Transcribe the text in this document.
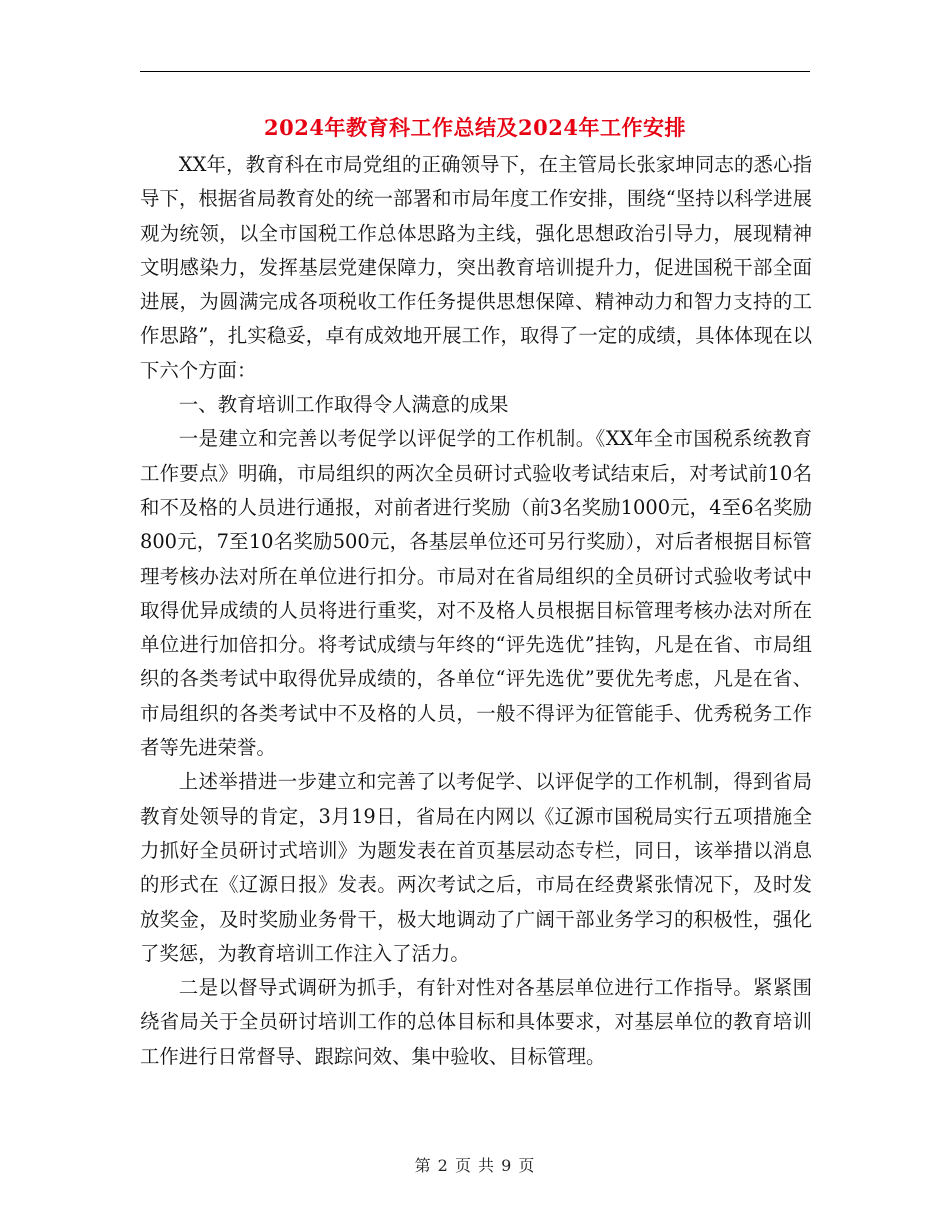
2024年教育科工作总结及2024年工作安排

XX年，教育科在市局党组的正确领导下，在主管局长张家坤同志的悉心指导下，根据省局教育处的统一部署和市局年度工作安排，围绕“坚持以科学进展观为统领，以全市国税工作总体思路为主线，强化思想政治引导力，展现精神文明感染力，发挥基层党建保障力，突出教育培训提升力，促进国税干部全面进展，为圆满完成各项税收工作任务提供思想保障、精神动力和智力支持的工作思路”，扎实稳妥，卓有成效地开展工作，取得了一定的成绩，具体体现在以下六个方面：

一、教育培训工作取得令人满意的成果

一是建立和完善以考促学以评促学的工作机制。《XX年全市国税系统教育工作要点》明确，市局组织的两次全员研讨式验收考试结束后，对考试前10名和不及格的人员进行通报，对前者进行奖励（前3名奖励1000元，4至6名奖励800元，7至10名奖励500元，各基层单位还可另行奖励），对后者根据目标管理考核办法对所在单位进行扣分。市局对在省局组织的全员研讨式验收考试中取得优异成绩的人员将进行重奖，对不及格人员根据目标管理考核办法对所在单位进行加倍扣分。将考试成绩与年终的“评先选优”挂钩，凡是在省、市局组织的各类考试中取得优异成绩的，各单位“评先选优”要优先考虑，凡是在省、市局组织的各类考试中不及格的人员，一般不得评为征管能手、优秀税务工作者等先进荣誉。

上述举措进一步建立和完善了以考促学、以评促学的工作机制，得到省局教育处领导的肯定，3月19日，省局在内网以《辽源市国税局实行五项措施全力抓好全员研讨式培训》为题发表在首页基层动态专栏，同日，该举措以消息的形式在《辽源日报》发表。两次考试之后，市局在经费紧张情况下，及时发放奖金，及时奖励业务骨干，极大地调动了广阔干部业务学习的积极性，强化了奖惩，为教育培训工作注入了活力。

二是以督导式调研为抓手，有针对性对各基层单位进行工作指导。紧紧围绕省局关于全员研讨培训工作的总体目标和具体要求，对基层单位的教育培训工作进行日常督导、跟踪问效、集中验收、目标管理。

第 2 页 共 9 页
